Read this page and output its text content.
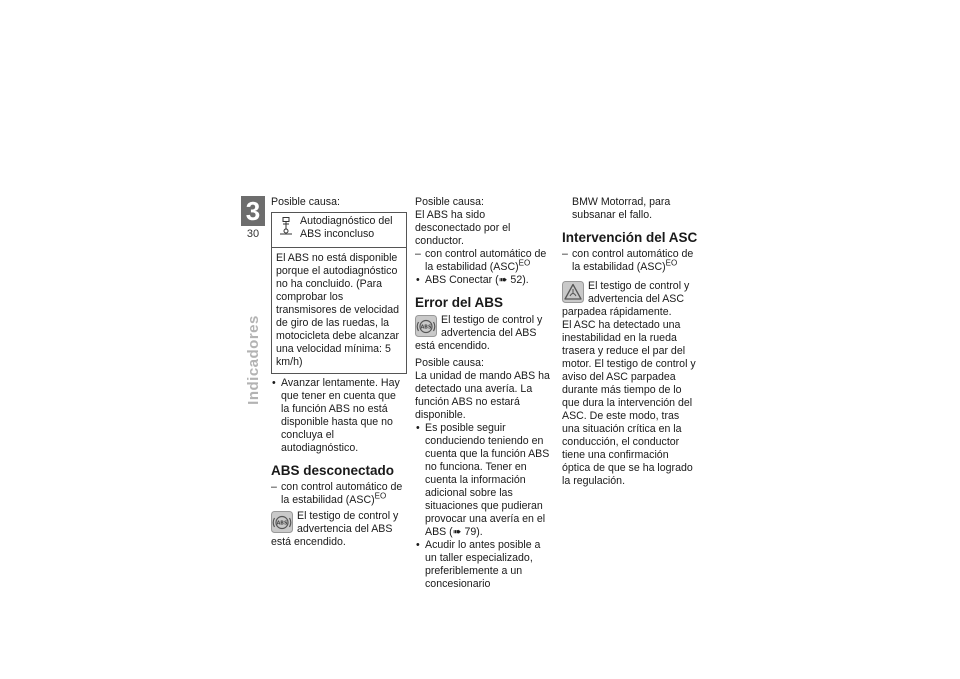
3
30
Indicadores

Posible causa:

Autodiagnóstico del ABS inconcluso
El ABS no está disponible porque el autodiagnóstico no ha concluido. (Para comprobar los transmisores de velocidad de giro de las ruedas, la motocicleta debe alcanzar una velocidad mínima: 5 km/h)
• Avanzar lentamente. Hay que tener en cuenta que la función ABS no está disponible hasta que no concluya el autodiagnóstico.
ABS desconectado
– con control automático de la estabilidad (ASC)$^{EO}$
ABS
El testigo de control y advertencia del ABS está encendido.

Posible causa:

El ABS ha sido desconectado por el conductor.

– con control automático de la estabilidad (ASC)$^{EO}$
• ABS Conectar (➠ 52).
Error del ABS
ABS
El testigo de control y advertencia del ABS está encendido.

Posible causa:

La unidad de mando ABS ha detectado una avería. La función ABS no estará disponible.

• Es posible seguir conduciendo teniendo en cuenta que la función ABS no funciona. Tener en cuenta la información adicional sobre las situaciones que pudieran provocar una avería en el ABS (➠ 79).
• Acudir lo antes posible a un taller especializado, preferiblemente a un concesionario

BMW Motorrad, para subsanar el fallo.

Intervención del ASC
– con control automático de la estabilidad (ASC)$^{EO}$
El testigo de control y advertencia del ASC parpadea rápidamente.

El ASC ha detectado una inestabilidad en la rueda trasera y reduce el par del motor. El testigo de control y aviso del ASC parpadea durante más tiempo de lo que dura la intervención del ASC. De este modo, tras una situación crítica en la conducción, el conductor tiene una confirmación óptica de que se ha logrado la regulación.
